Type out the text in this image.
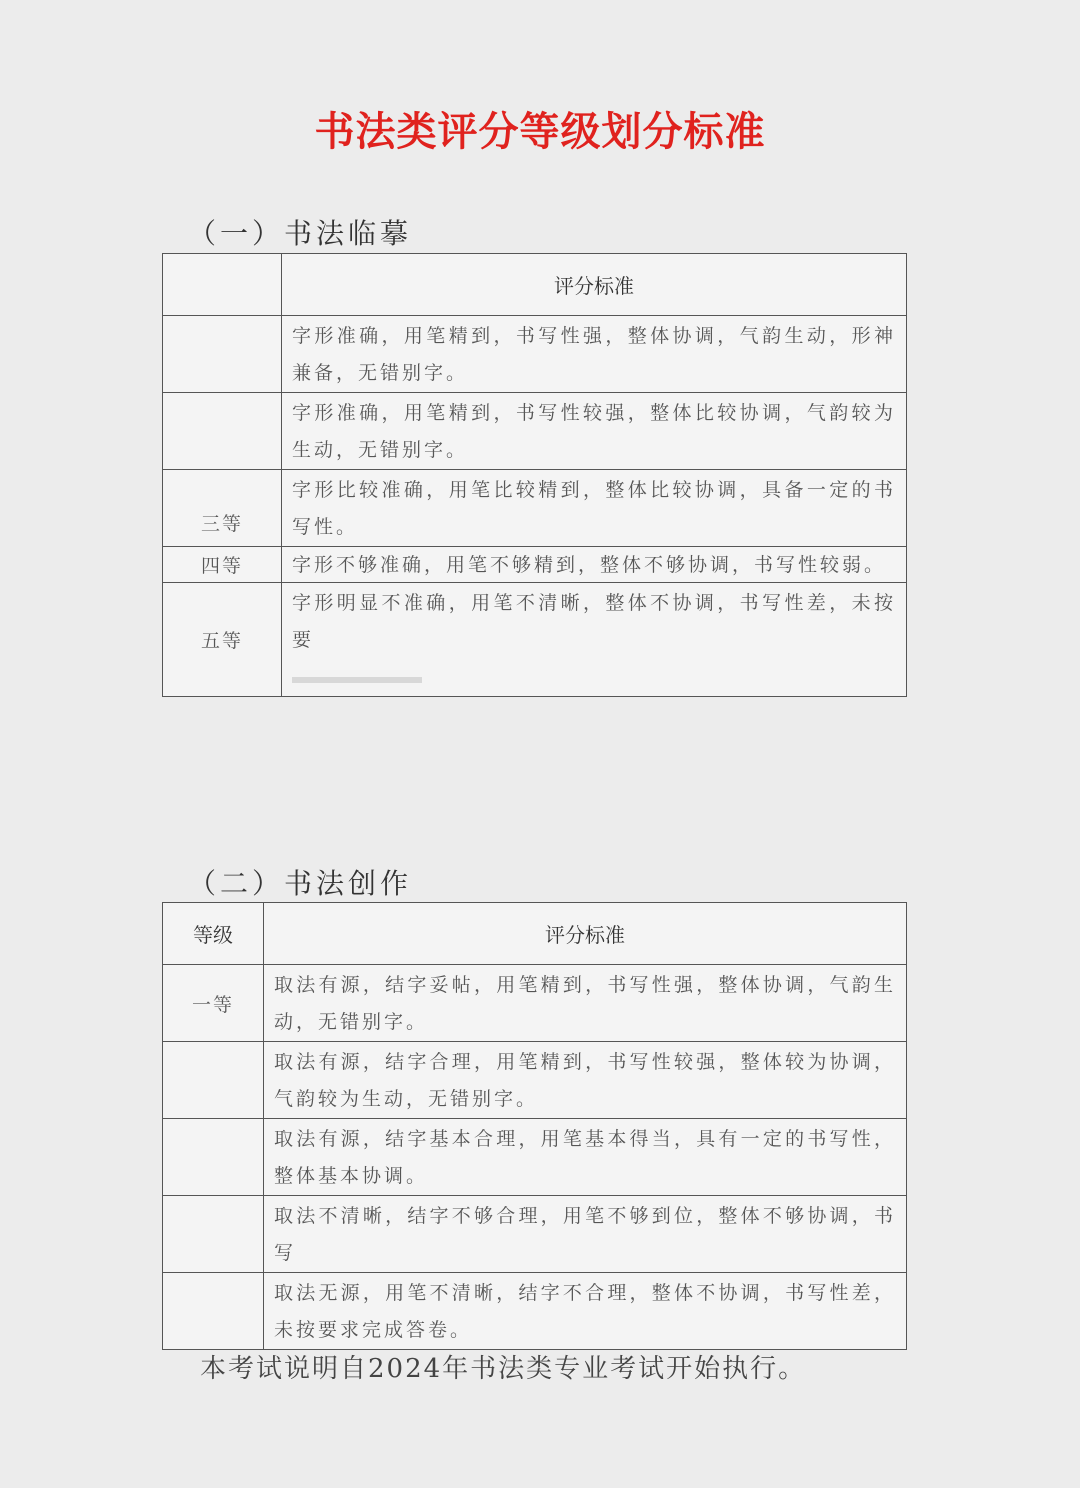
书法类评分等级划分标准
（一）书法临摹
	评分标准
	字形准确，用笔精到，书写性强，整体协调，气韵生动，形神兼备，无错别字。
	字形准确，用笔精到，书写性较强，整体比较协调，气韵较为生动，无错别字。
三等	字形比较准确，用笔比较精到，整体比较协调，具备一定的书写性。
四等	字形不够准确，用笔不够精到，整体不够协调，书写性较弱。
五等	字形明显不准确，用笔不清晰，整体不协调，书写性差，未按要
（二）书法创作
等级	评分标准
一等	取法有源，结字妥帖，用笔精到，书写性强，整体协调，气韵生动，无错别字。
	取法有源，结字合理，用笔精到，书写性较强，整体较为协调，气韵较为生动，无错别字。
	取法有源，结字基本合理，用笔基本得当，具有一定的书写性，整体基本协调。
	取法不清晰，结字不够合理，用笔不够到位，整体不够协调，书写
	取法无源，用笔不清晰，结字不合理，整体不协调，书写性差，未按要求完成答卷。
本考试说明自2024年书法类专业考试开始执行。
